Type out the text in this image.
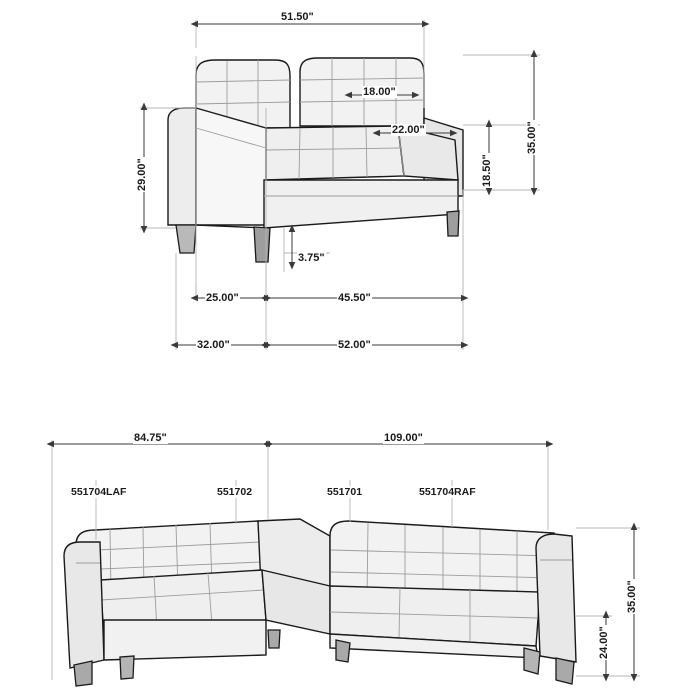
51.50"
18.00"
22.00"
29.00"
35.00"
18.50"
3.75"
25.00"	45.50"
32.00"	52.00"
84.75"	109.00"
35.00"
24.00"
551704LAF	551702	551701	551704RAF
